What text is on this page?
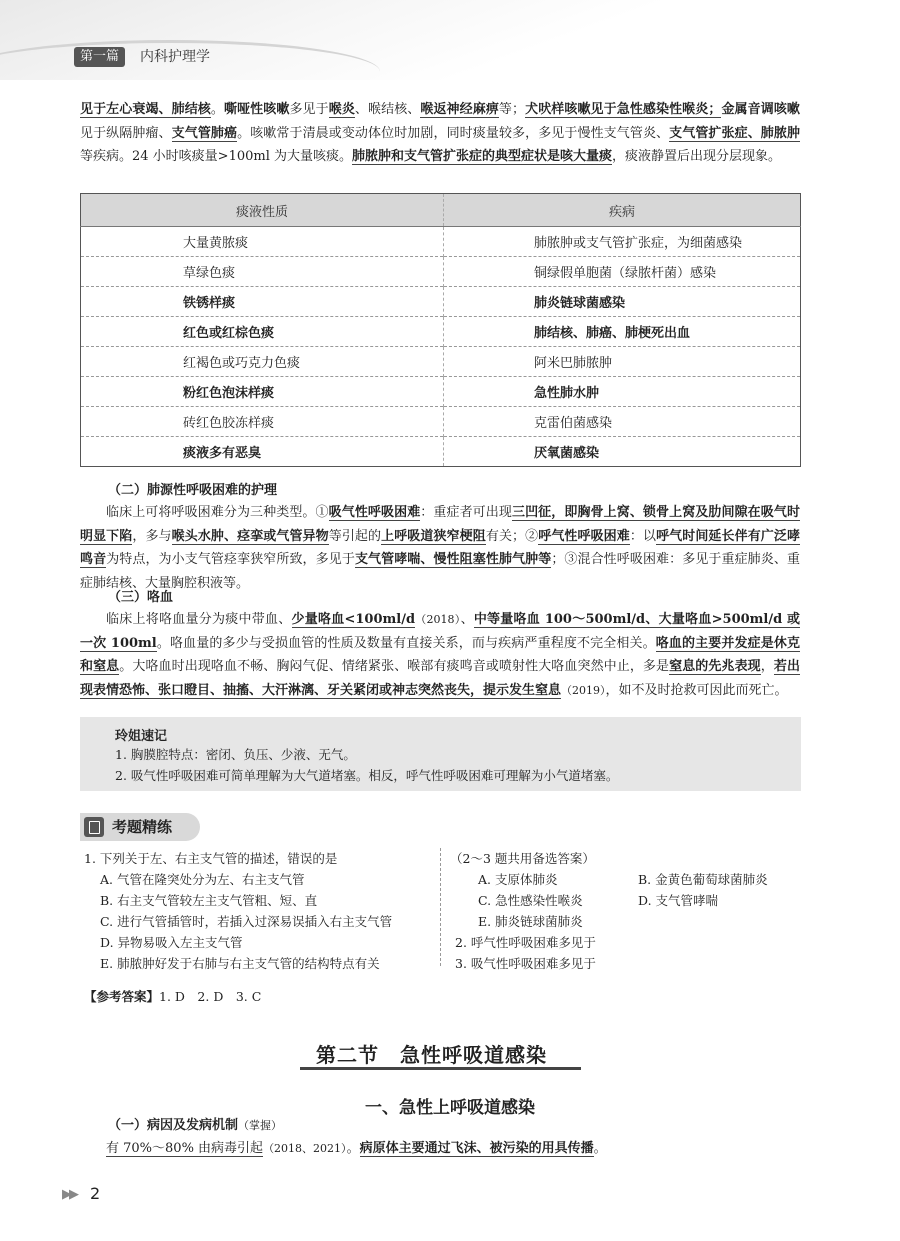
第一篇	内科护理学

见于左心衰竭、肺结核。嘶哑性咳嗽多见于喉炎、喉结核、喉返神经麻痹等；犬吠样咳嗽见于急性感染性喉炎；金属音调咳嗽见于纵隔肿瘤、支气管肺癌。咳嗽常于清晨或变动体位时加剧，同时痰量较多，多见于慢性支气管炎、支气管扩张症、肺脓肿等疾病。24 小时咳痰量>100ml 为大量咳痰。肺脓肿和支气管扩张症的典型症状是咳大量痰，痰液静置后出现分层现象。

痰液性质	疾病
大量黄脓痰	肺脓肿或支气管扩张症，为细菌感染
草绿色痰	铜绿假单胞菌（绿脓杆菌）感染
铁锈样痰	肺炎链球菌感染
红色或红棕色痰	肺结核、肺癌、肺梗死出血
红褐色或巧克力色痰	阿米巴肺脓肿
粉红色泡沫样痰	急性肺水肿
砖红色胶冻样痰	克雷伯菌感染
痰液多有恶臭	厌氧菌感染
（二）肺源性呼吸困难的护理

临床上可将呼吸困难分为三种类型。①吸气性呼吸困难：重症者可出现三凹征，即胸骨上窝、锁骨上窝及肋间隙在吸气时明显下陷，多与喉头水肿、痉挛或气管异物等引起的上呼吸道狭窄梗阻有关；②呼气性呼吸困难：以呼气时间延长伴有广泛哮鸣音为特点，为小支气管痉挛狭窄所致，多见于支气管哮喘、慢性阻塞性肺气肿等；③混合性呼吸困难：多见于重症肺炎、重症肺结核、大量胸腔积液等。

（三）咯血

临床上将咯血量分为痰中带血、少量咯血<100ml/d（2018）、中等量咯血 100～500ml/d、大量咯血>500ml/d 或一次 100ml。咯血量的多少与受损血管的性质及数量有直接关系，而与疾病严重程度不完全相关。咯血的主要并发症是休克和窒息。大咯血时出现咯血不畅、胸闷气促、情绪紧张、喉部有痰鸣音或喷射性大咯血突然中止，多是窒息的先兆表现，若出现表情恐怖、张口瞪目、抽搐、大汗淋漓、牙关紧闭或神志突然丧失，提示发生窒息（2019），如不及时抢救可因此而死亡。

玲姐速记
1. 胸膜腔特点：密闭、负压、少液、无气。
2. 吸气性呼吸困难可简单理解为大气道堵塞。相反，呼气性呼吸困难可理解为小气道堵塞。
考题精练
1. 下列关于左、右主支气管的描述，错误的是
A. 气管在隆突处分为左、右主支气管
B. 右主支气管较左主支气管粗、短、直
C. 进行气管插管时，若插入过深易误插入右主支气管
D. 异物易吸入左主支气管
E. 肺脓肿好发于右肺与右主支气管的结构特点有关
（2～3 题共用备选答案）
A. 支原体肺炎	B. 金黄色葡萄球菌肺炎
C. 急性感染性喉炎	D. 支气管哮喘
E. 肺炎链球菌肺炎
2. 呼气性呼吸困难多见于
3. 吸气性呼吸困难多见于
【参考答案】1. D　2. D　3. C
第二节　急性呼吸道感染
一、急性上呼吸道感染
（一）病因及发病机制（掌握）

有 70%～80% 由病毒引起（2018、2021）。病原体主要通过飞沫、被污染的用具传播。

▶▶ 2
